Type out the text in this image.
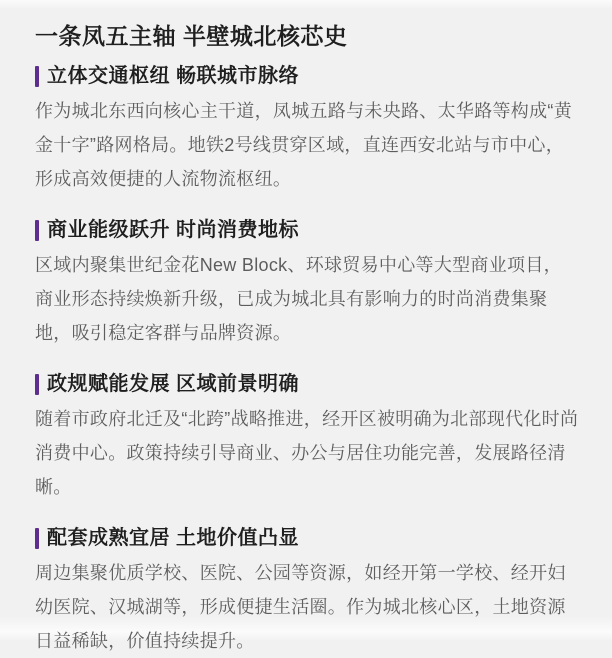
一条凤五主轴 半壁城北核芯史
立体交通枢纽 畅联城市脉络

作为城北东西向核心主干道，凤城五路与未央路、太华路等构成“黄金十字”路网格局。地铁2号线贯穿区域，直连西安北站与市中心，形成高效便捷的人流物流枢纽。

商业能级跃升 时尚消费地标

区域内聚集世纪金花New Block、环球贸易中心等大型商业项目，商业形态持续焕新升级，已成为城北具有影响力的时尚消费集聚地，吸引稳定客群与品牌资源。

政规赋能发展 区域前景明确

随着市政府北迁及“北跨”战略推进，经开区被明确为北部现代化时尚消费中心。政策持续引导商业、办公与居住功能完善，发展路径清晰。

配套成熟宜居 土地价值凸显

周边集聚优质学校、医院、公园等资源，如经开第一学校、经开妇幼医院、汉城湖等，形成便捷生活圈。作为城北核心区，土地资源日益稀缺，价值持续提升。
